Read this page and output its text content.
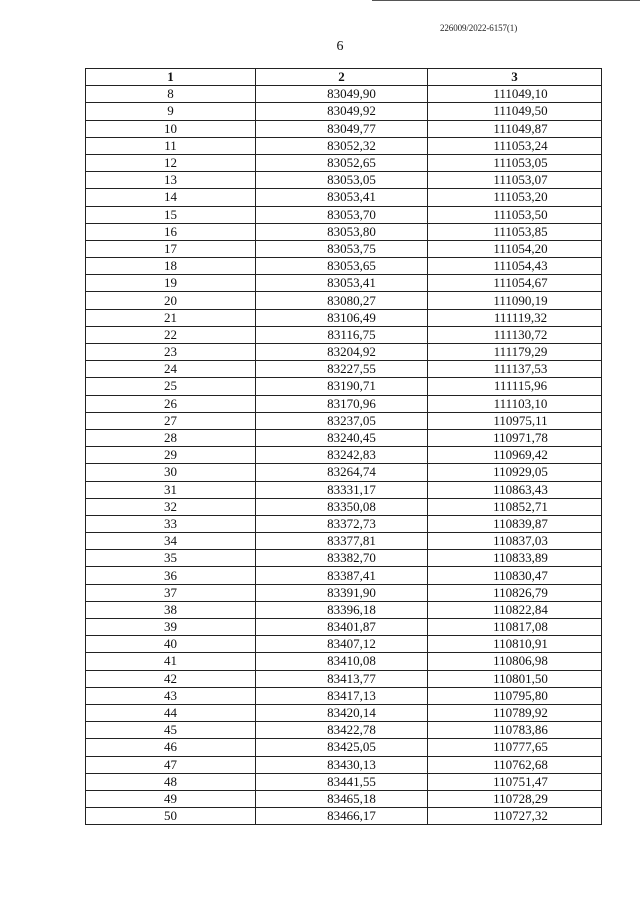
226009/2022-6157(1)
6
1	2	3
8	83049,90	111049,10
9	83049,92	111049,50
10	83049,77	111049,87
11	83052,32	111053,24
12	83052,65	111053,05
13	83053,05	111053,07
14	83053,41	111053,20
15	83053,70	111053,50
16	83053,80	111053,85
17	83053,75	111054,20
18	83053,65	111054,43
19	83053,41	111054,67
20	83080,27	111090,19
21	83106,49	111119,32
22	83116,75	111130,72
23	83204,92	111179,29
24	83227,55	111137,53
25	83190,71	111115,96
26	83170,96	111103,10
27	83237,05	110975,11
28	83240,45	110971,78
29	83242,83	110969,42
30	83264,74	110929,05
31	83331,17	110863,43
32	83350,08	110852,71
33	83372,73	110839,87
34	83377,81	110837,03
35	83382,70	110833,89
36	83387,41	110830,47
37	83391,90	110826,79
38	83396,18	110822,84
39	83401,87	110817,08
40	83407,12	110810,91
41	83410,08	110806,98
42	83413,77	110801,50
43	83417,13	110795,80
44	83420,14	110789,92
45	83422,78	110783,86
46	83425,05	110777,65
47	83430,13	110762,68
48	83441,55	110751,47
49	83465,18	110728,29
50	83466,17	110727,32
